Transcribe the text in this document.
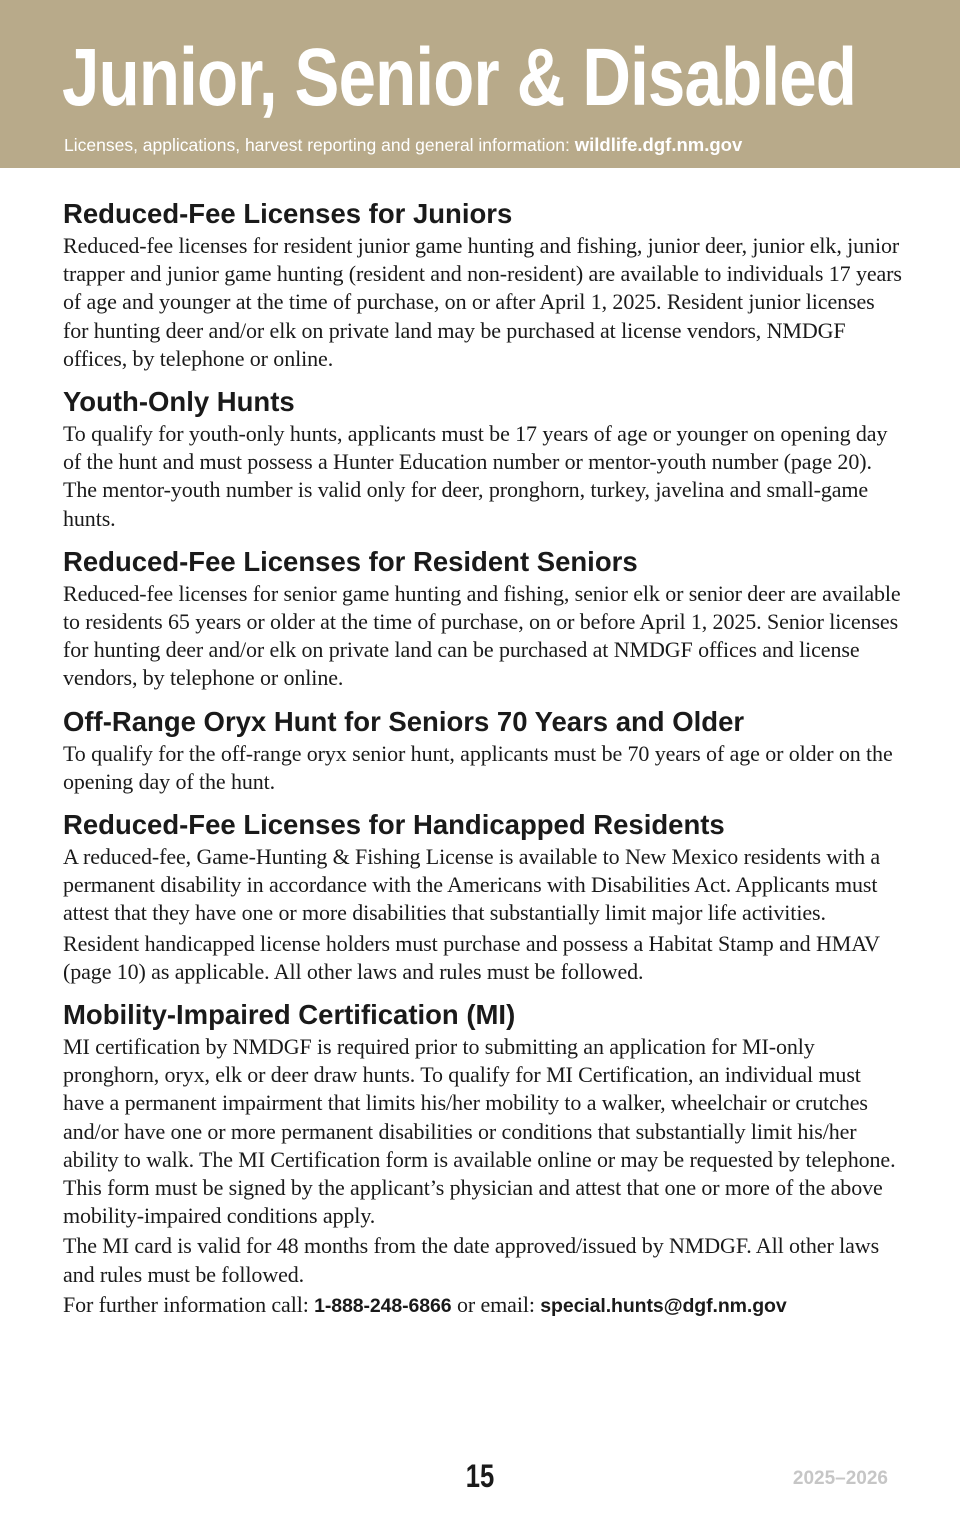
Junior, Senior & Disabled
Licenses, applications, harvest reporting and general information: wildlife.dgf.nm.gov
Reduced-Fee Licenses for Juniors

Reduced-fee licenses for resident junior game hunting and fishing, junior deer, junior elk, junior trapper and junior game hunting (resident and non-resident) are available to individuals 17 years of age and younger at the time of purchase, on or after April 1, 2025. Resident junior licenses for hunting deer and/or elk on private land may be purchased at license vendors, NMDGF offices, by telephone or online.

Youth-Only Hunts

To qualify for youth-only hunts, applicants must be 17 years of age or younger on opening day of the hunt and must possess a Hunter Education number or mentor-youth number (page 20). The mentor-youth number is valid only for deer, pronghorn, turkey, javelina and small-game hunts.

Reduced-Fee Licenses for Resident Seniors

Reduced-fee licenses for senior game hunting and fishing, senior elk or senior deer are available to residents 65 years or older at the time of purchase, on or before April 1, 2025. Senior licenses for hunting deer and/or elk on private land can be purchased at NMDGF offices and license vendors, by telephone or online.

Off-Range Oryx Hunt for Seniors 70 Years and Older

To qualify for the off-range oryx senior hunt, applicants must be 70 years of age or older on the opening day of the hunt.

Reduced-Fee Licenses for Handicapped Residents

A reduced-fee, Game-Hunting & Fishing License is available to New Mexico residents with a permanent disability in accordance with the Americans with Disabilities Act. Applicants must attest that they have one or more disabilities that substantially limit major life activities.

Resident handicapped license holders must purchase and possess a Habitat Stamp and HMAV (page 10) as applicable. All other laws and rules must be followed.

Mobility-Impaired Certification (MI)

MI certification by NMDGF is required prior to submitting an application for MI-only pronghorn, oryx, elk or deer draw hunts. To qualify for MI Certification, an individual must have a permanent impairment that limits his/her mobility to a walker, wheelchair or crutches and/or have one or more permanent disabilities or conditions that substantially limit his/her ability to walk. The MI Certification form is available online or may be requested by telephone. This form must be signed by the applicant’s physician and attest that one or more of the above mobility-impaired conditions apply.

The MI card is valid for 48 months from the date approved/issued by NMDGF. All other laws and rules must be followed.

For further information call: 1-888-248-6866 or email: special.hunts@dgf.nm.gov

15	2025–2026
